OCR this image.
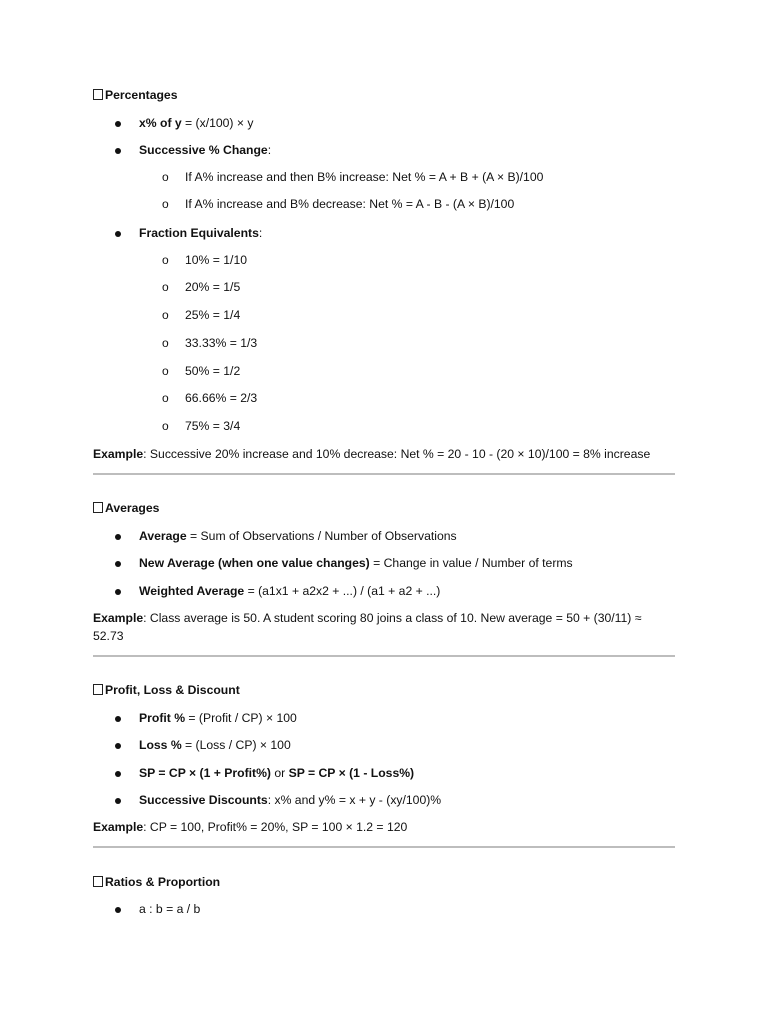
Percentages
x% of y = (x/100) × y
Successive % Change:
o If A% increase and then B% increase: Net % = A + B + (A × B)/100
o If A% increase and B% decrease: Net % = A - B - (A × B)/100
Fraction Equivalents:
o 10% = 1/10
o 20% = 1/5
o 25% = 1/4
o 33.33% = 1/3
o 50% = 1/2
o 66.66% = 2/3
o 75% = 3/4
Example: Successive 20% increase and 10% decrease: Net % = 20 - 10 - (20 × 10)/100 = 8% increase
Averages
Average = Sum of Observations / Number of Observations
New Average (when one value changes) = Change in value / Number of terms
Weighted Average = (a1x1 + a2x2 + ...) / (a1 + a2 + ...)
Example: Class average is 50. A student scoring 80 joins a class of 10. New average = 50 + (30/11) ≈ 52.73
Profit, Loss & Discount
Profit % = (Profit / CP) × 100
Loss % = (Loss / CP) × 100
SP = CP × (1 + Profit%) or SP = CP × (1 - Loss%)
Successive Discounts: x% and y% = x + y - (xy/100)%
Example: CP = 100, Profit% = 20%, SP = 100 × 1.2 = 120
Ratios & Proportion
a : b = a / b
